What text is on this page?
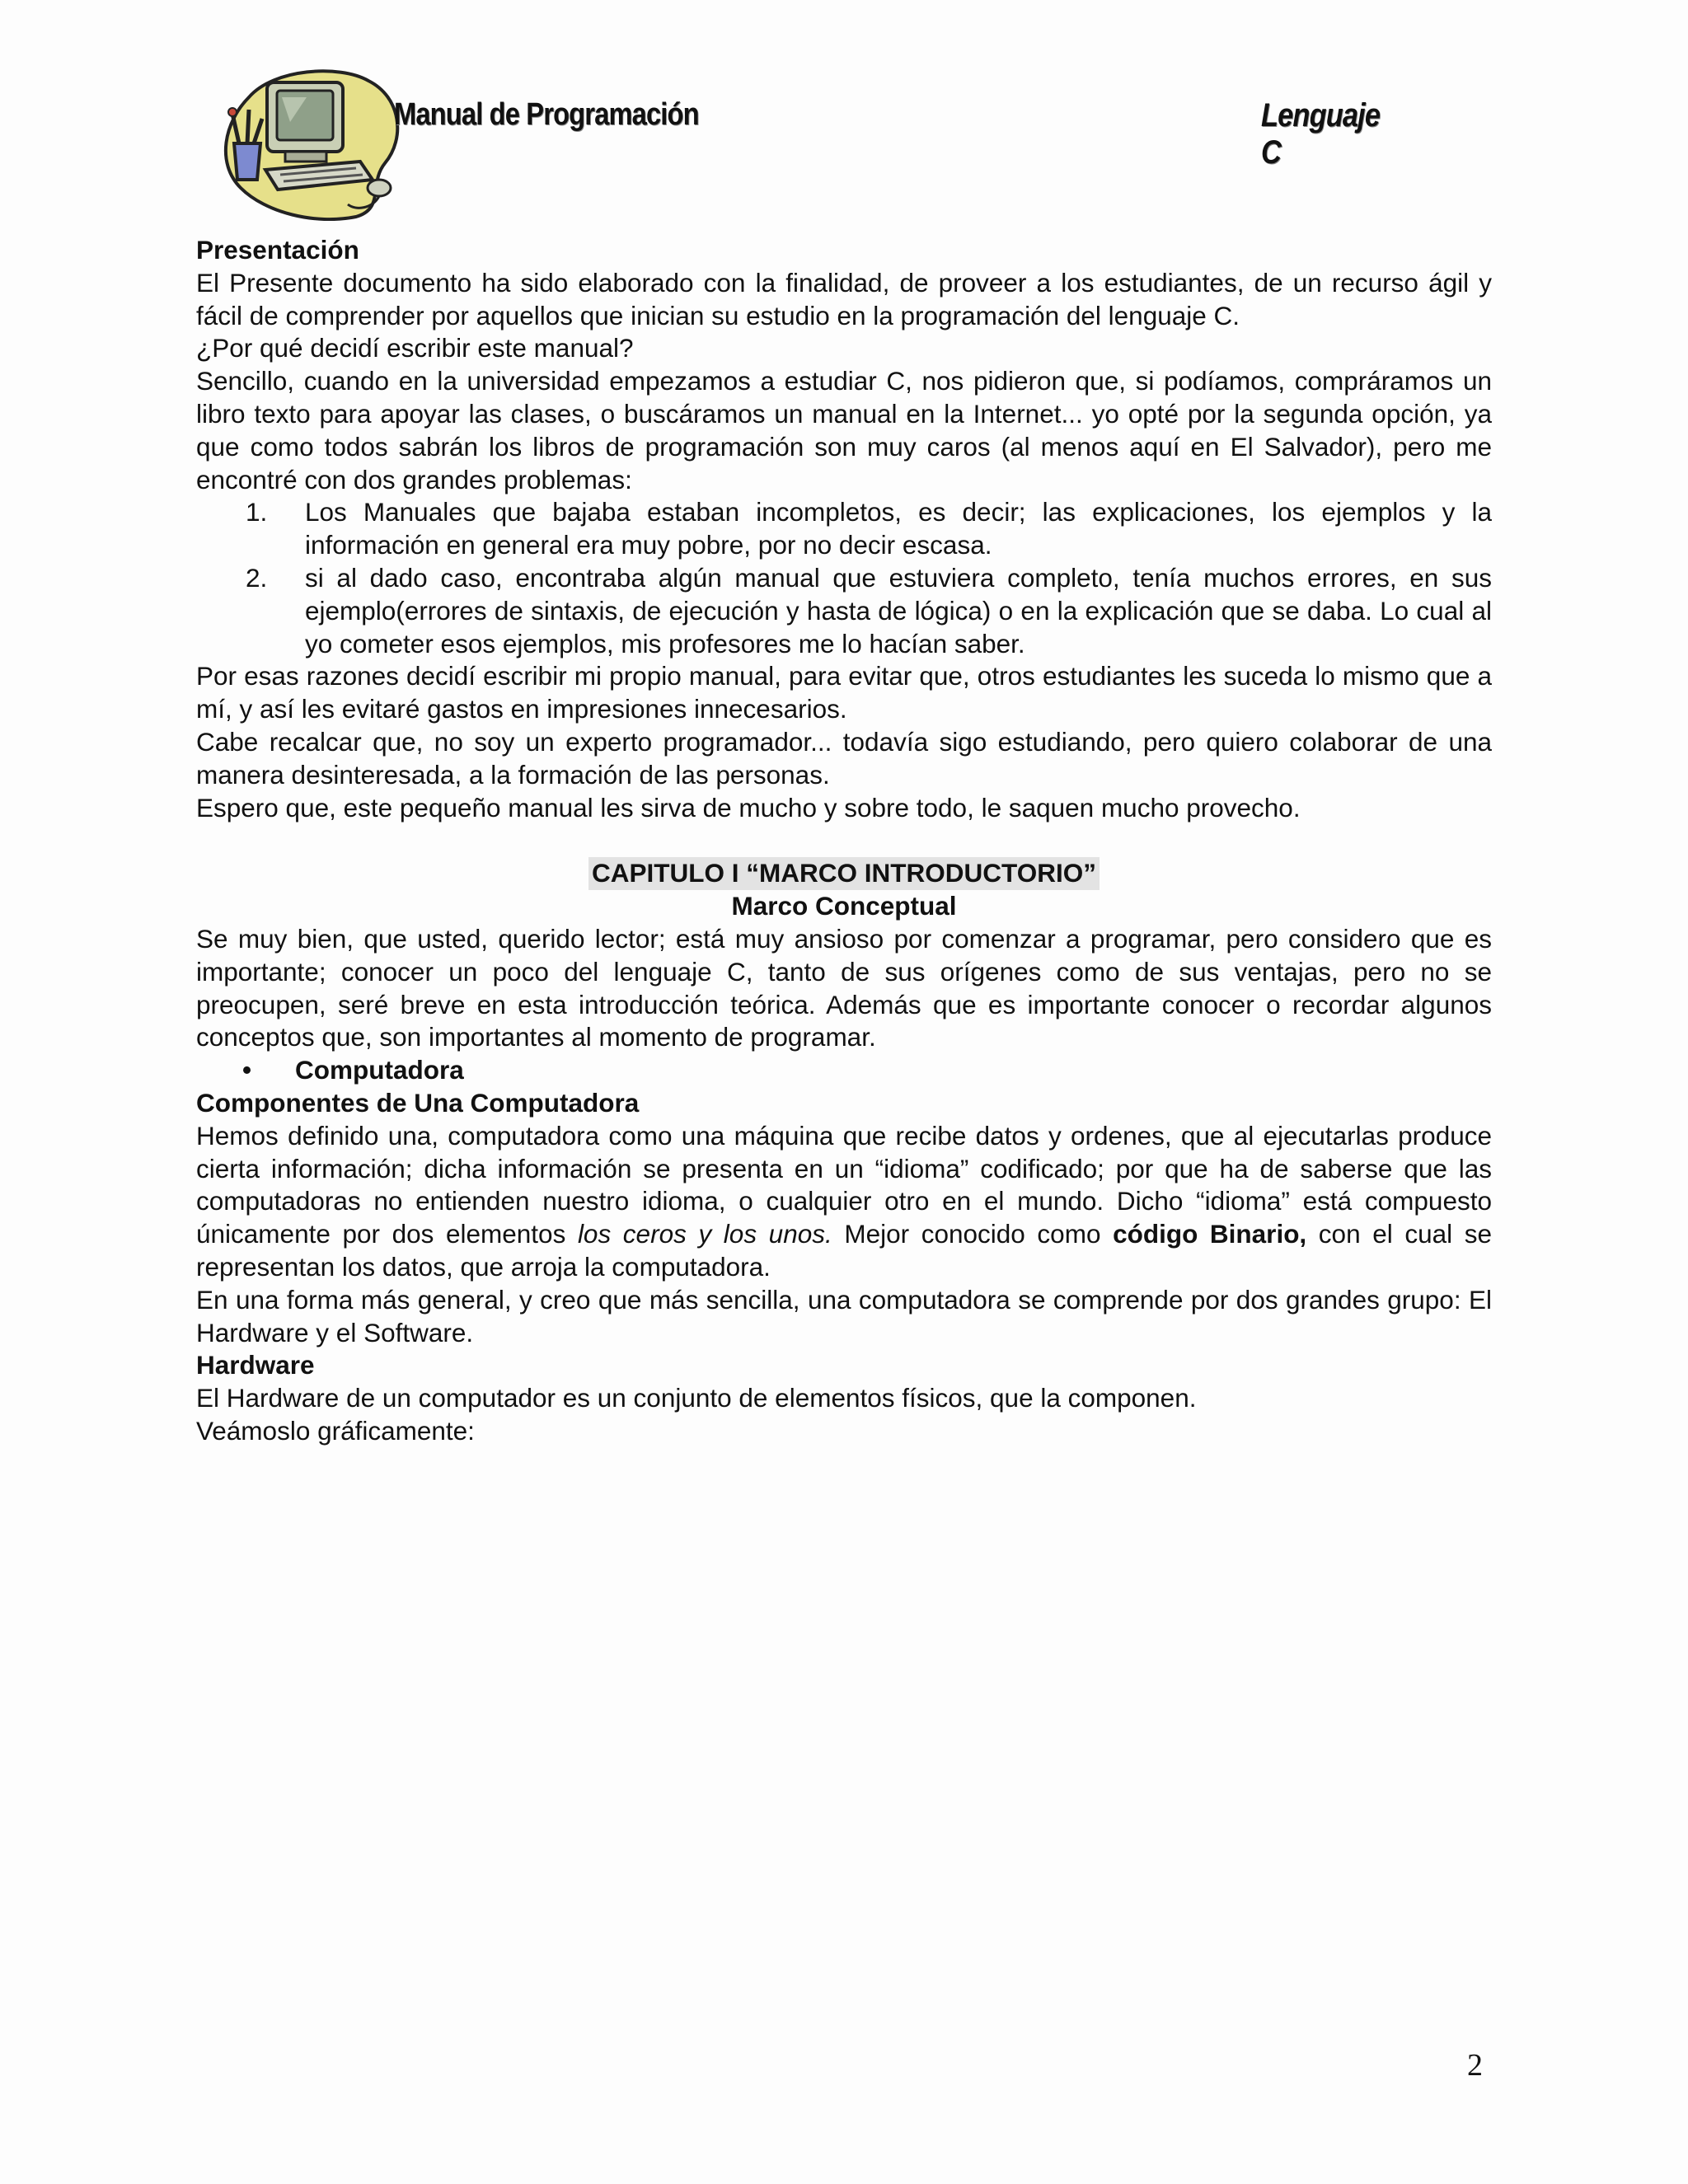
Manual de Programación	Lenguaje C

Presentación

El Presente documento ha sido elaborado con la finalidad, de proveer a los estudiantes, de un recurso ágil y fácil de comprender por aquellos que inician su estudio en la programación del lenguaje C.

¿Por qué decidí escribir este manual?

Sencillo, cuando en la universidad empezamos a estudiar C, nos pidieron que, si podíamos, compráramos un libro texto para apoyar las clases, o buscáramos un manual en la Internet... yo opté por la segunda opción, ya que como todos sabrán los libros de programación son muy caros (al menos aquí en El Salvador), pero me encontré con dos grandes problemas:

1. Los Manuales que bajaba estaban incompletos, es decir; las explicaciones, los ejemplos y la información en general era muy pobre, por no decir escasa.
2. si al dado caso, encontraba algún manual que estuviera completo, tenía muchos errores, en sus ejemplo(errores de sintaxis, de ejecución y hasta de lógica) o en la explicación que se daba. Lo cual al yo cometer esos ejemplos, mis profesores me lo hacían saber.

Por esas razones decidí escribir mi propio manual, para evitar que, otros estudiantes les suceda lo mismo que a mí, y así les evitaré gastos en impresiones innecesarios.

Cabe recalcar que, no soy un experto programador... todavía sigo estudiando, pero quiero colaborar de una manera desinteresada, a la formación de las personas.

Espero que, este pequeño manual les sirva de mucho y sobre todo, le saquen mucho provecho.

CAPITULO I “MARCO INTRODUCTORIO”

Marco Conceptual

Se muy bien, que usted, querido lector; está muy ansioso por comenzar a programar, pero considero que es importante; conocer un poco del lenguaje C, tanto de sus orígenes como de sus ventajas, pero no se preocupen, seré breve en esta introducción teórica. Además que es importante conocer o recordar algunos conceptos que, son importantes al momento de programar.

• Computadora

Componentes de Una Computadora

Hemos definido una, computadora como una máquina que recibe datos y ordenes, que al ejecutarlas produce cierta información; dicha información se presenta en un “idioma” codificado; por que ha de saberse que las computadoras no entienden nuestro idioma, o cualquier otro en el mundo. Dicho “idioma” está compuesto únicamente por dos elementos los ceros y los unos. Mejor conocido como código Binario, con el cual se representan los datos, que arroja la computadora.

En una forma más general, y creo que más sencilla, una computadora se comprende por dos grandes grupo: El Hardware y el Software.

Hardware

El Hardware de un computador es un conjunto de elementos físicos, que la componen.

Veámoslo gráficamente:

2
